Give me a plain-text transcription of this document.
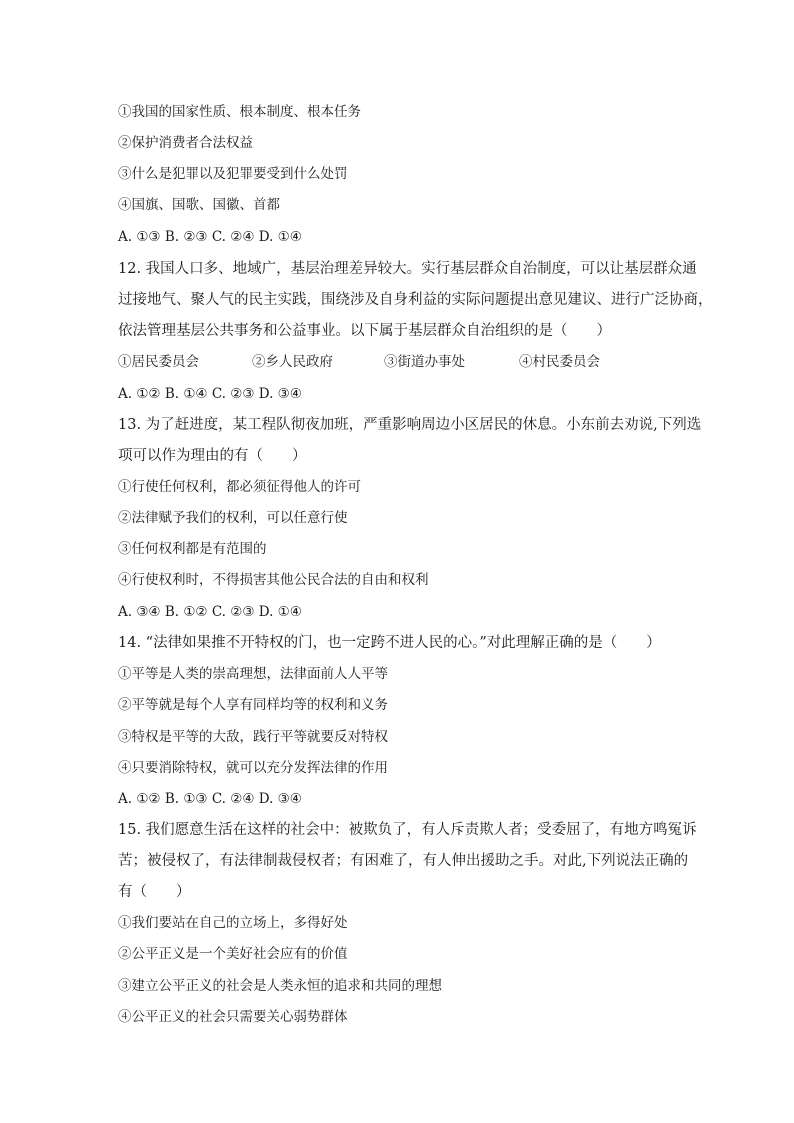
①我国的国家性质、根本制度、根本任务
②保护消费者合法权益
③什么是犯罪以及犯罪要受到什么处罚
④国旗、国歌、国徽、首都
A. ①③ B. ②③ C. ②④ D. ①④
12. 我国人口多、地域广，基层治理差异较大。实行基层群众自治制度，可以让基层群众通
过接地气、聚人气的民主实践，围绕涉及自身利益的实际问题提出意见建议、进行广泛协商，
依法管理基层公共事务和公益事业。以下属于基层群众自治组织的是（　　）
①居民委员会	②乡人民政府	③街道办事处	④村民委员会
A. ①② B. ①④ C. ②③ D. ③④
13. 为了赶进度，某工程队彻夜加班，严重影响周边小区居民的休息。小东前去劝说,下列选
项可以作为理由的有（　　）
①行使任何权利，都必须征得他人的许可
②法律赋予我们的权利，可以任意行使
③任何权利都是有范围的
④行使权利时，不得损害其他公民合法的自由和权利
A. ③④ B. ①② C. ②③ D. ①④
14. “法律如果推不开特权的门，也一定跨不进人民的心。”对此理解正确的是（　　）
①平等是人类的崇高理想，法律面前人人平等
②平等就是每个人享有同样均等的权利和义务
③特权是平等的大敌，践行平等就要反对特权
④只要消除特权，就可以充分发挥法律的作用
A. ①② B. ①③ C. ②④ D. ③④
15. 我们愿意生活在这样的社会中：被欺负了，有人斥责欺人者；受委屈了，有地方鸣冤诉
苦；被侵权了，有法律制裁侵权者；有困难了，有人伸出援助之手。对此,下列说法正确的
有（　　）
①我们要站在自己的立场上，多得好处
②公平正义是一个美好社会应有的价值
③建立公平正义的社会是人类永恒的追求和共同的理想
④公平正义的社会只需要关心弱势群体
